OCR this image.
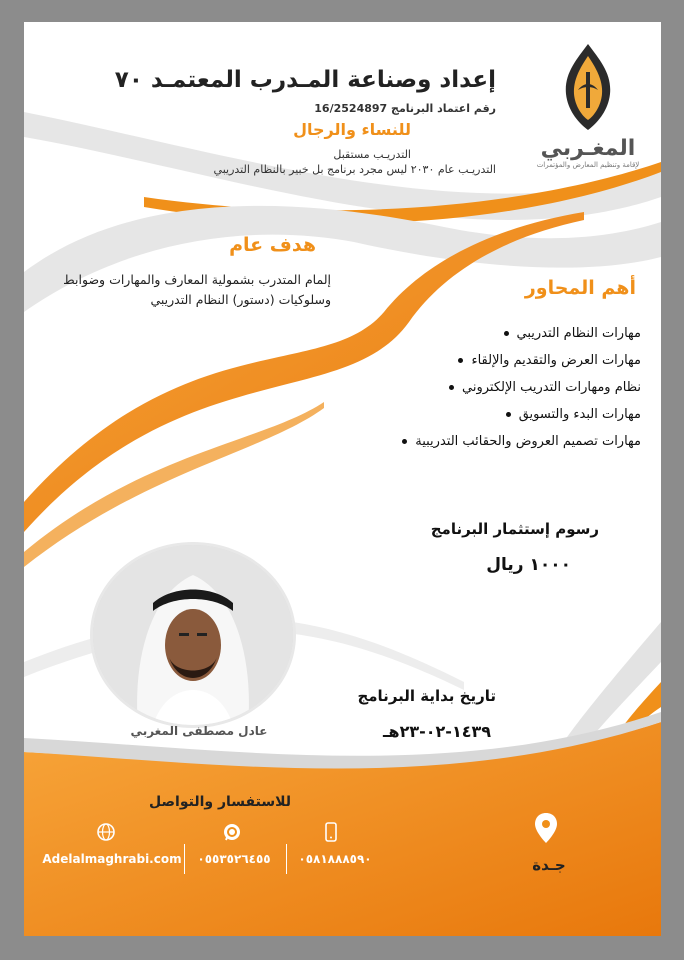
المغـربي
لإقامة وتنظيم المعارض والمؤتمرات
إعداد وصناعة المـدرب المعتمـد ٧٠
رقم اعتماد البرنامج 16/2524897
للنساء والرجال
التدريـب مستقبل
التدريـب عام ٢٠٣٠ ليس مجرد برنامج بل خبير بالنظام التدريبي
هدف عام
إلمام المتدرب بشمولية المعارف والمهارات وضوابط وسلوكيات (دستور) النظام التدريبي
أهم المحاور
مهارات النظام التدريبي
مهارات العرض والتقديم والإلقاء
نظام ومهارات التدريب الإلكتروني
مهارات البدء والتسويق
مهارات تصميم العروض والحقائب التدريبية
رسوم إستثمار البرنامج
١٠٠٠ ريال
تاريخ بداية البرنامج
١٤٣٩-٠٢-٢٣هـ
عادل مصطفى المغربي
للاستفسار والتواصل
Adelalmaghrabi.com	٠٥٥٣٥٢٦٤٥٥	٠٥٨١٨٨٨٥٩٠	جـدة
